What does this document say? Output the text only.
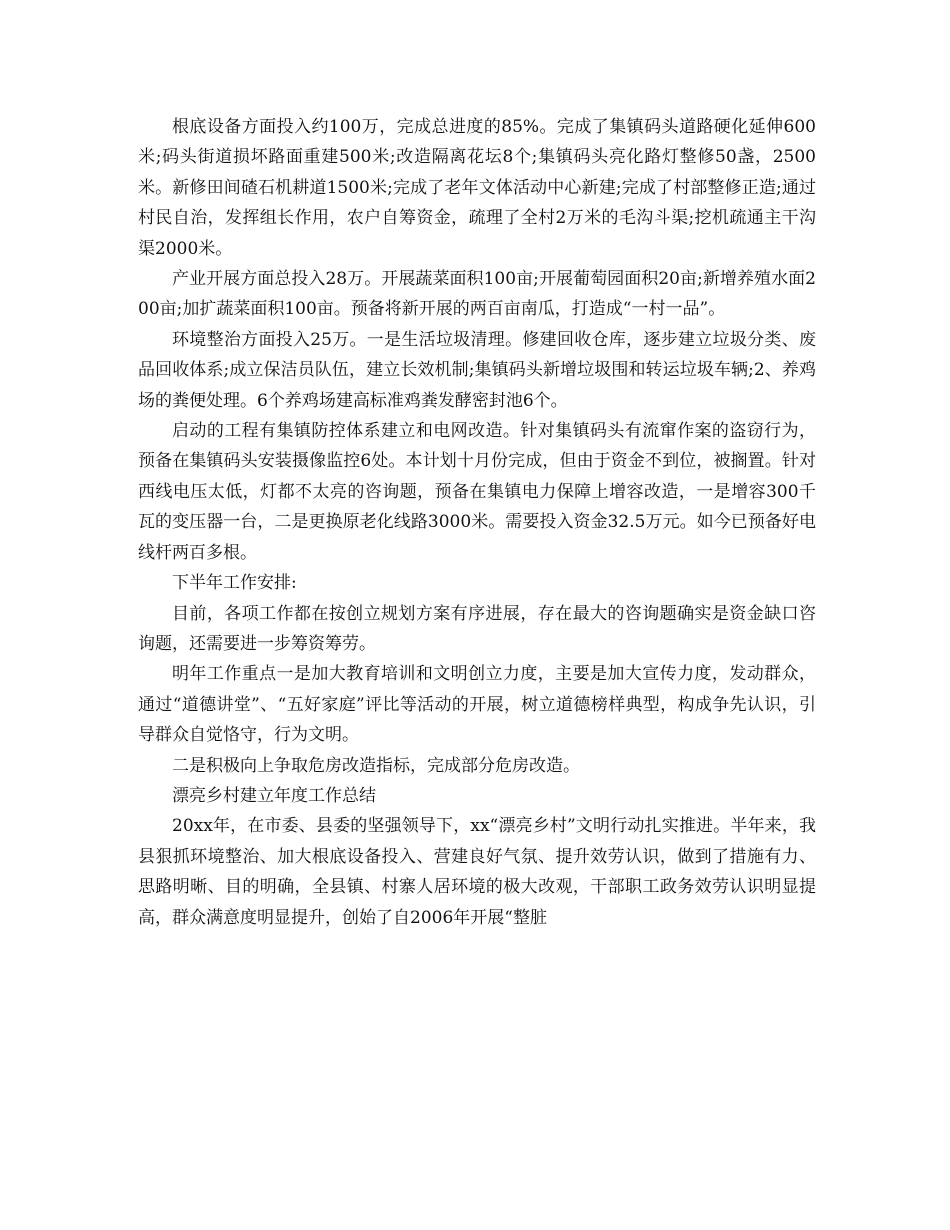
根底设备方面投入约100万，完成总进度的85%。完成了集镇码头道路硬化延伸600米;码头街道损坏路面重建500米;改造隔离花坛8个;集镇码头亮化路灯整修50盏，2500米。新修田间碴石机耕道1500米;完成了老年文体活动中心新建;完成了村部整修正造;通过村民自治，发挥组长作用，农户自筹资金，疏理了全村2万米的毛沟斗渠;挖机疏通主干沟渠2000米。

产业开展方面总投入28万。开展蔬菜面积100亩;开展葡萄园面积20亩;新增养殖水面200亩;加扩蔬菜面积100亩。预备将新开展的两百亩南瓜，打造成“一村一品”。

环境整治方面投入25万。一是生活垃圾清理。修建回收仓库，逐步建立垃圾分类、废品回收体系;成立保洁员队伍，建立长效机制;集镇码头新增垃圾围和转运垃圾车辆;2、养鸡场的粪便处理。6个养鸡场建高标准鸡粪发酵密封池6个。

启动的工程有集镇防控体系建立和电网改造。针对集镇码头有流窜作案的盗窃行为，预备在集镇码头安装摄像监控6处。本计划十月份完成，但由于资金不到位，被搁置。针对西线电压太低，灯都不太亮的咨询题，预备在集镇电力保障上增容改造，一是增容300千瓦的变压器一台，二是更换原老化线路3000米。需要投入资金32.5万元。如今已预备好电线杆两百多根。

下半年工作安排:

目前，各项工作都在按创立规划方案有序进展，存在最大的咨询题确实是资金缺口咨询题，还需要进一步筹资筹劳。

明年工作重点一是加大教育培训和文明创立力度，主要是加大宣传力度，发动群众，通过“道德讲堂”、“五好家庭”评比等活动的开展，树立道德榜样典型，构成争先认识，引导群众自觉恪守，行为文明。

二是积极向上争取危房改造指标，完成部分危房改造。

漂亮乡村建立年度工作总结

20xx年，在市委、县委的坚强领导下，xx“漂亮乡村”文明行动扎实推进。半年来，我县狠抓环境整治、加大根底设备投入、营建良好气氛、提升效劳认识，做到了措施有力、思路明晰、目的明确，全县镇、村寨人居环境的极大改观，干部职工政务效劳认识明显提高，群众满意度明显提升，创始了自2006年开展“整脏
